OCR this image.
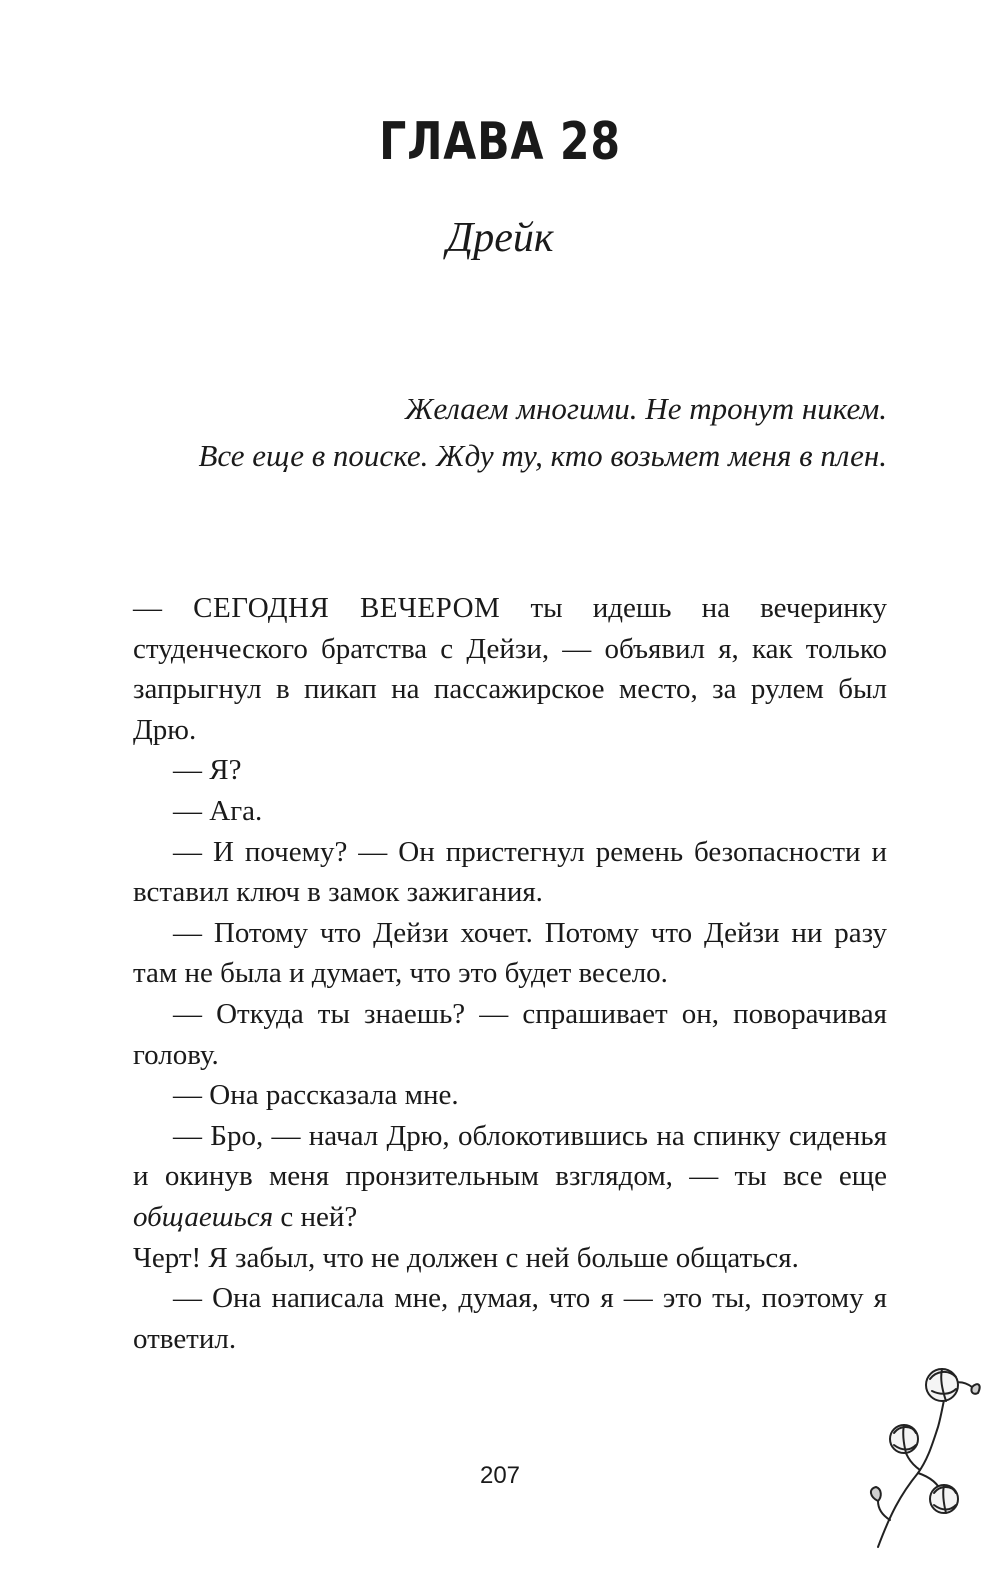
ГЛАВА 28
Дрейк
Желаем многими. Не тронут никем.
Все еще в поиске. Жду ту, кто возьмет меня в плен.

— СЕГОДНЯ ВЕЧЕРОМ ты идешь на вечеринку студенческого братства с Дейзи, — объявил я, как только запрыгнул в пикап на пассажирское место, за рулем был Дрю.

— Я?

— Ага.

— И почему? — Он пристегнул ремень безопасности и вставил ключ в замок зажигания.

— Потому что Дейзи хочет. Потому что Дейзи ни разу там не была и думает, что это будет весело.

— Откуда ты знаешь? — спрашивает он, поворачивая голову.

— Она рассказала мне.

— Бро, — начал Дрю, облокотившись на спинку сиденья и окинув меня пронзительным взглядом, — ты все еще общаешься с ней?

Черт! Я забыл, что не должен с ней больше общаться.

— Она написала мне, думая, что я — это ты, поэтому я ответил.

207
